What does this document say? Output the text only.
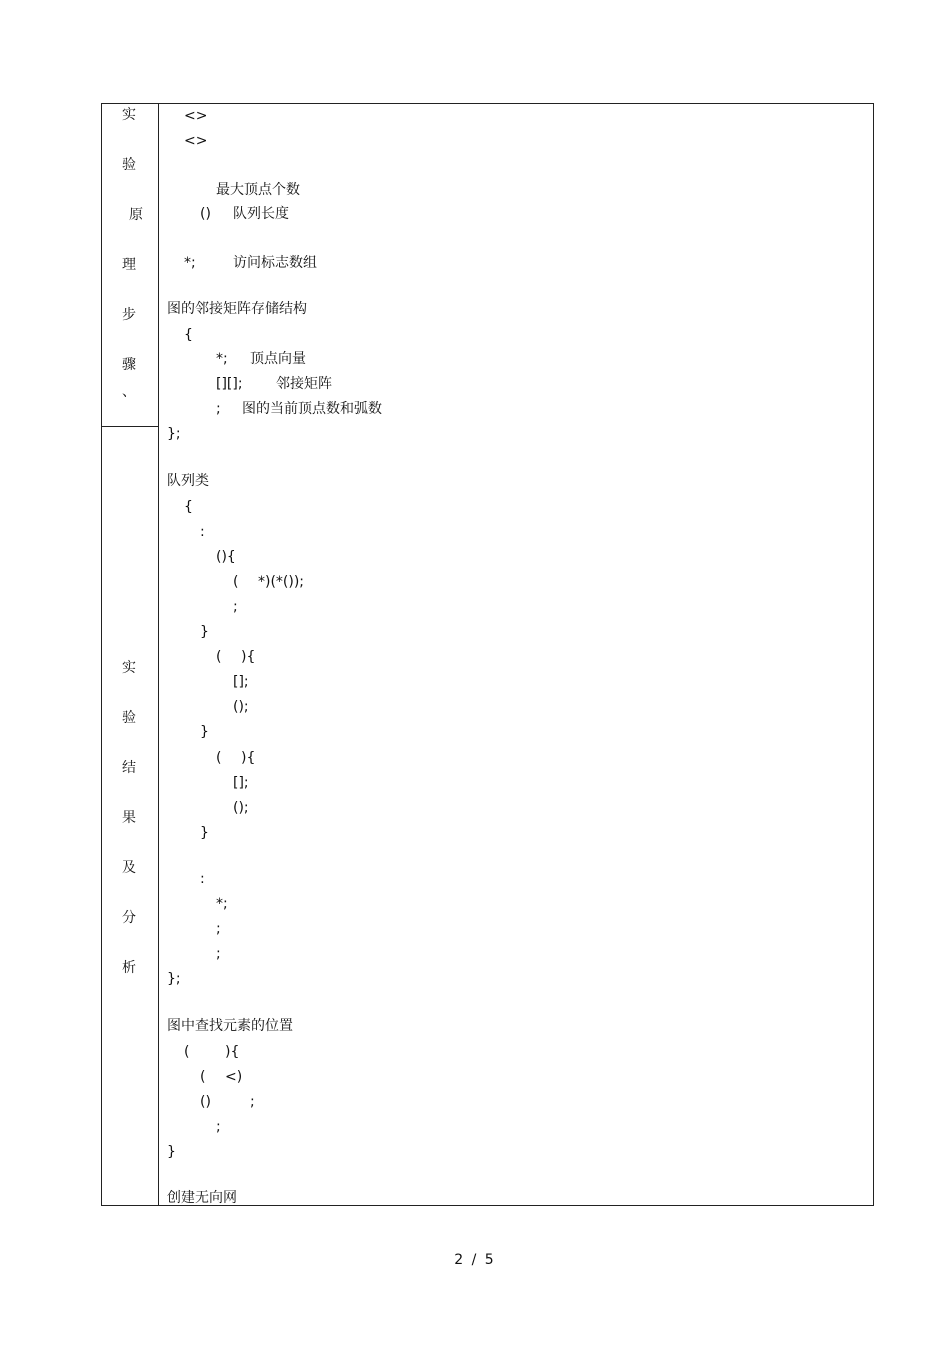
实
验
原
理
步
骤
、
实
验
结
果
及
分
析
<>
<>
最大顶点个数
() 队列长度
*;	访问标志数组
图的邻接矩阵存储结构
{
*; 顶点向量
[][]; 邻接矩阵
; 图的当前顶点数和弧数
};
队列类
{
:
(){
( *)(*());
;
}
( ){
[];
();
}
( ){
[];
();
}
:
*;
;
;
};
图中查找元素的位置
(	){
( <)
()	;
;
}
创建无向网
2 / 5
